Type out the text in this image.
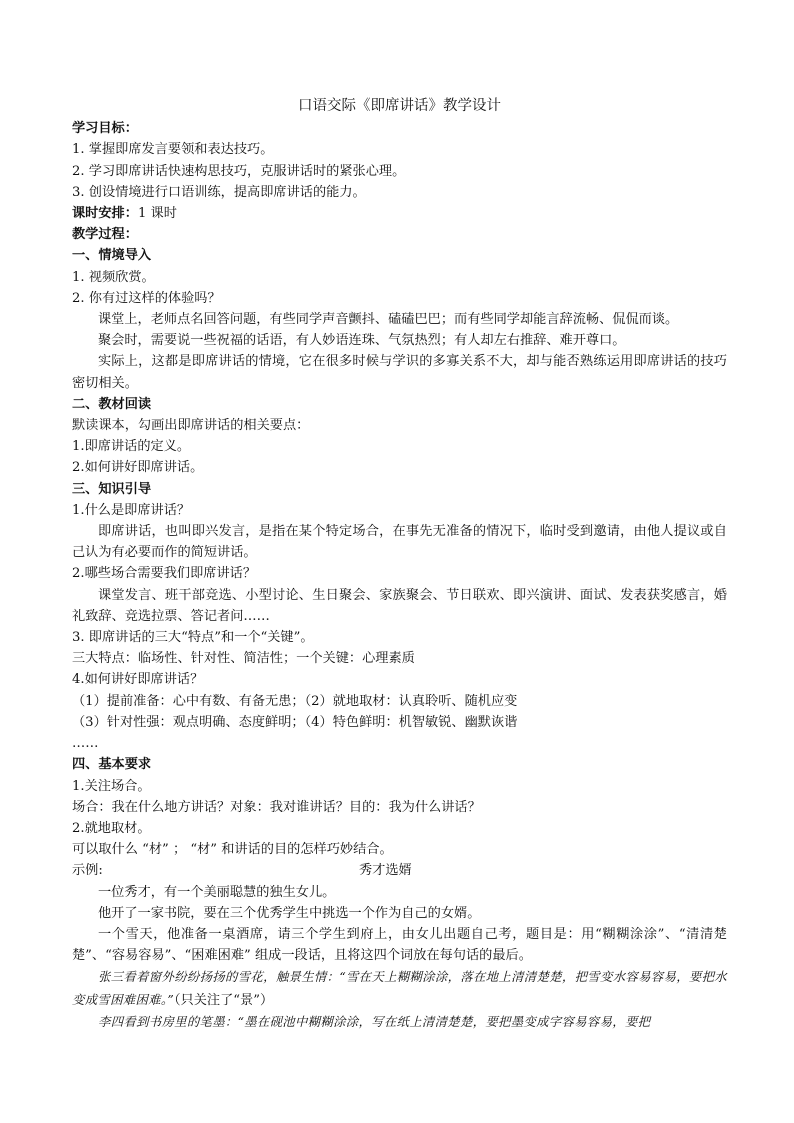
口语交际《即席讲话》教学设计
学习目标：
1. 掌握即席发言要领和表达技巧。
2. 学习即席讲话快速构思技巧，克服讲话时的紧张心理。
3. 创设情境进行口语训练，提高即席讲话的能力。
课时安排：1 课时
教学过程：
一、情境导入
1. 视频欣赏。
2. 你有过这样的体验吗？
课堂上，老师点名回答问题，有些同学声音颤抖、磕磕巴巴；而有些同学却能言辞流畅、侃侃而谈。
聚会时，需要说一些祝福的话语，有人妙语连珠、气氛热烈；有人却左右推辞、难开尊口。
实际上，这都是即席讲话的情境，它在很多时候与学识的多寡关系不大，却与能否熟练运用即席讲话的技巧密切相关。
二、教材回读
默读课本，勾画出即席讲话的相关要点：
1.即席讲话的定义。
2.如何讲好即席讲话。
三、知识引导
1.什么是即席讲话？
即席讲话，也叫即兴发言，是指在某个特定场合，在事先无准备的情况下，临时受到邀请，由他人提议或自己认为有必要而作的简短讲话。
2.哪些场合需要我们即席讲话？
课堂发言、班干部竞选、小型讨论、生日聚会、家族聚会、节日联欢、即兴演讲、面试、发表获奖感言，婚礼致辞、竞选拉票、答记者问……
3. 即席讲话的三大“特点”和一个“关键”。
三大特点：临场性、针对性、简洁性；一个关键：心理素质
4.如何讲好即席讲话？
（1）提前准备：心中有数、有备无患；（2）就地取材：认真聆听、随机应变
（3）针对性强：观点明确、态度鲜明；（4）特色鲜明：机智敏锐、幽默诙谐
……
四、基本要求
1.关注场合。
场合：我在什么地方讲话？对象：我对谁讲话？目的：我为什么讲话？
2.就地取材。
可以取什么 “材” ； “材” 和讲话的目的怎样巧妙结合。
示例:	秀才选婿
一位秀才，有一个美丽聪慧的独生女儿。
他开了一家书院，要在三个优秀学生中挑选一个作为自己的女婿。
一个雪天，他准备一桌酒席，请三个学生到府上，由女儿出题自己考，题目是：用“糊糊涂涂”、“清清楚楚”、“容易容易”、“困难困难” 组成一段话，且将这四个词放在每句话的最后。
张三看着窗外纷纷扬扬的雪花，触景生情：“雪在天上糊糊涂涂，落在地上清清楚楚，把雪变水容易容易，要把水变成雪困难困难。”（只关注了“景”）
李四看到书房里的笔墨：“墨在砚池中糊糊涂涂，写在纸上清清楚楚，要把墨变成字容易容易，要把
